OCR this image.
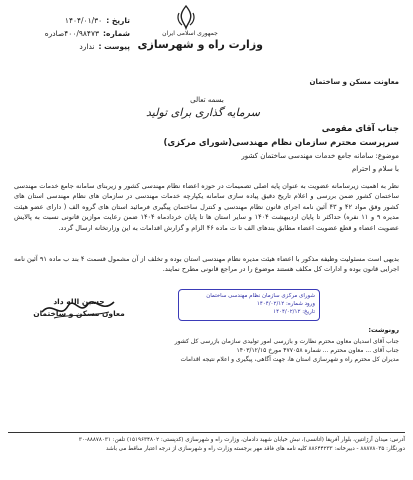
تاریخ :
۱۴۰۴/۰۱/۳۰
شماره:
۴۰۰/۹۸۴۷۳صادره
پیوست :
ندارد
جمهوری اسلامی ایران
وزارت راه و شهرسازی
معاونت مسکن و ساختمان
بسمه تعالی
سرمایه گذاری برای تولید
جناب آقای مقومی
سرپرست محترم سازمان نظام مهندسی(شورای مرکزی)
موضوع: سامانه جامع خدمات مهندسی ساختمان کشور
با سلام و احترام
نظر به اهمیت زیرسامانه عضویت به عنوان پایه اصلی تصمیمات در حوزه اعضاء نظام مهندسی کشور و زیربنای سامانه جامع خدمات مهندسی ساختمان کشور ضمن بررسی و اعلام تاریخ دقیق پیاده سازی سامانه یکپارچه خدمات مهندسی در سازمان های نظام مهندسی استان های کشور وفق مواد ۴۲ و ۴۳ آئین نامه اجرای قانون نظام مهندسی و کنترل ساختمان پیگیری فرمائید استان های گروه الف ( دارای عضو هیئت مدیره ۹ و ۱۱ نفره) حداکثر تا پایان اردیبهشت ۱۴۰۴ و سایر استان ها تا پایان خردادماه ۱۴۰۴ ضمن رعایت موازین قانونی نسبت به پالایش عضویت اعضاء و قطع عضویت اعضاء مطابق بندهای الف تا ت ماده ۴۶ الزام و گزارش اقدامات به این وزارتخانه ارسال گردد.
بدیهی است مسئولیت وظیفه مذکور با اعضاء هیئت مدیره نظام مهندسی استان بوده و تخلف از آن مشمول قسمت ۴ بند ب ماده ۹۱ آئین نامه اجرایی قانون بوده و ادارات کل مکلف هستند موضوع را در مراجع قانونی مطرح نمایند.
حسین الله داد
معاون مسکن و ساختمان
شورای مرکزی سازمان نظام مهندسی ساختمان
ورود شماره: ۱۴۰۴/۰۲/۱۲
تاریخ: ۱۴۰۴/۰۲/۱۲
رونوشت:
جناب آقای اسدیان معاون محترم نظارت و بازرسی امور تولیدی سازمان بازرسی کل کشور
جناب آقای ... معاون محترم ... شماره ۴۷۷۰۵۸ مورخ ۱۴۰۳/۱۲/۱۵
مدیران کل محترم راه و شهرسازی استان ها، جهت آگاهی، پیگیری و اعلام نتیجه اقدامات
آدرس: میدان آرژانتین، بلوار آفریقا (اتانسی)، نبش خیابان شهید دادمان، وزارت راه و شهرسازی (کدپستی: ۱۵۱۹۶۳۴۸۰۲) تلفن: ۸۸۸۷۸۰۳۱-۳۰
دورنگار: ۸۸۸۷۸۰۳۵ - دبیرخانه: ۸۸۶۴۴۲۳۳ کلیه نامه های فاقد مهر برجسته وزارت راه و شهرسازی از درجه اعتبار ساقط می باشد
